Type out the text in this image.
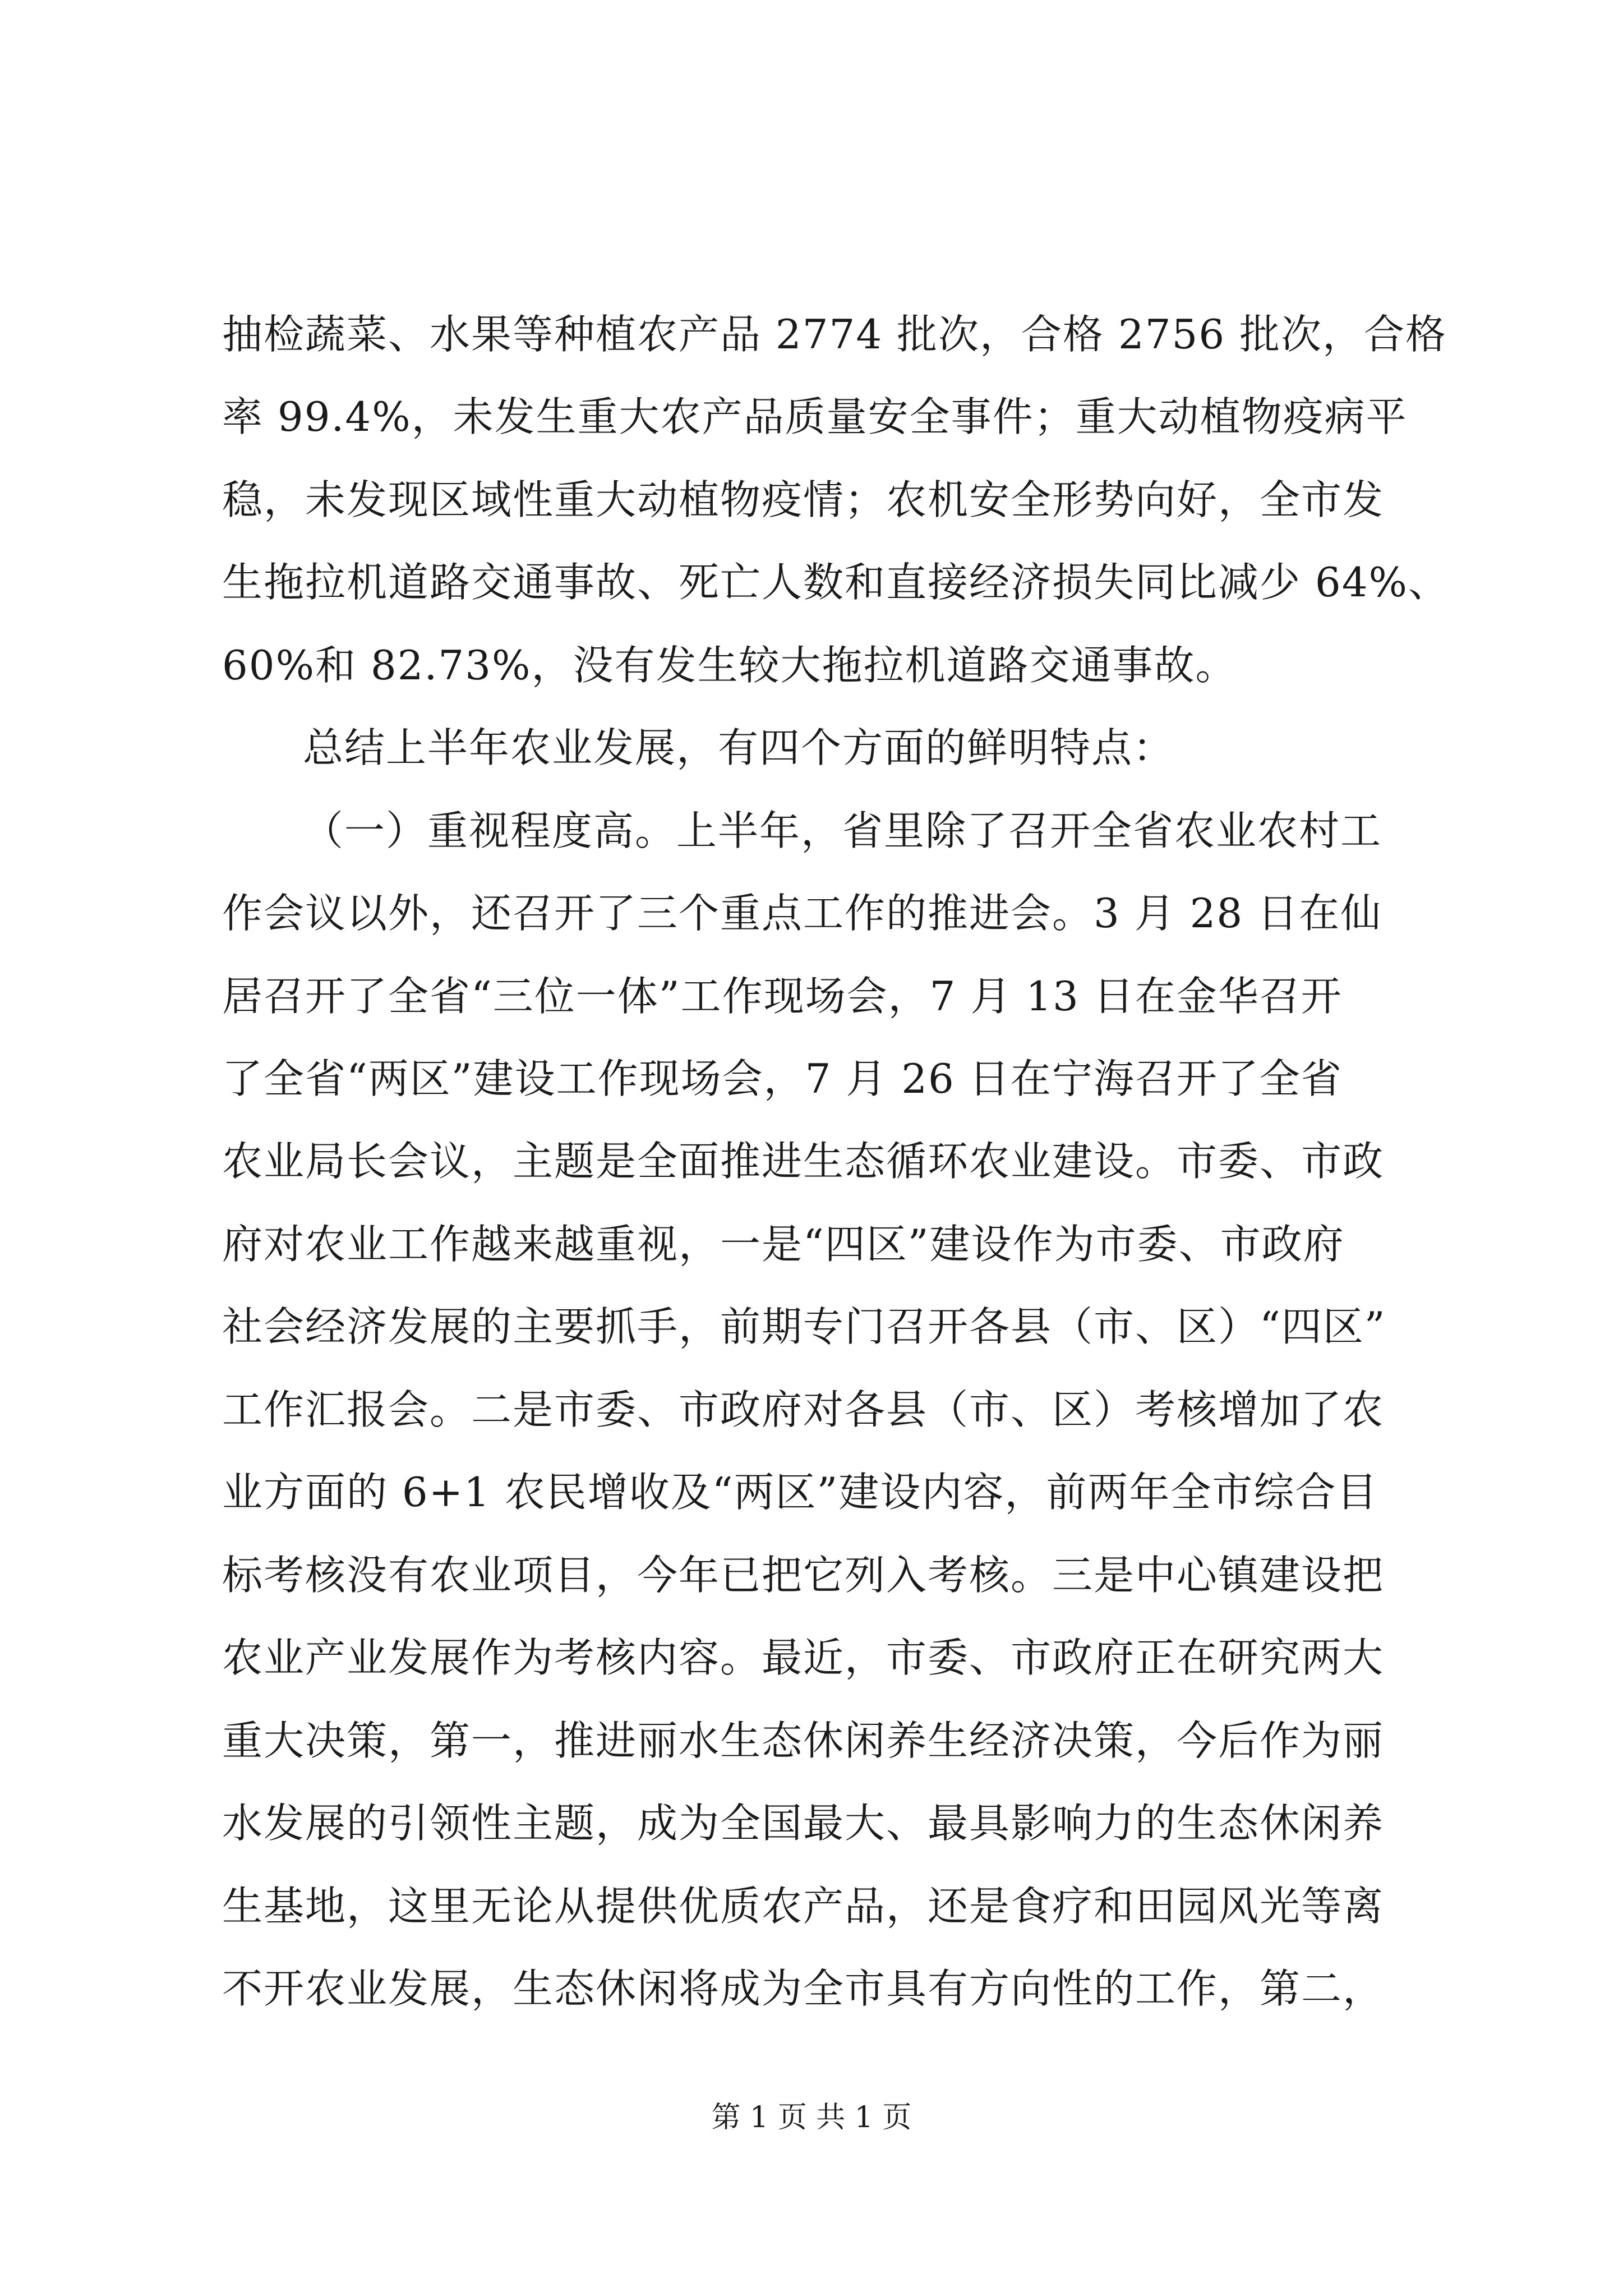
抽检蔬菜、水果等种植农产品 2774 批次，合格 2756 批次，合格
率 99.4%，未发生重大农产品质量安全事件；重大动植物疫病平
稳，未发现区域性重大动植物疫情；农机安全形势向好，全市发
生拖拉机道路交通事故、死亡人数和直接经济损失同比减少 64%、
60%和 82.73%，没有发生较大拖拉机道路交通事故。
总结上半年农业发展，有四个方面的鲜明特点：
（一）重视程度高。上半年，省里除了召开全省农业农村工
作会议以外，还召开了三个重点工作的推进会。3 月 28 日在仙
居召开了全省“三位一体”工作现场会，7 月 13 日在金华召开
了全省“两区”建设工作现场会，7 月 26 日在宁海召开了全省
农业局长会议，主题是全面推进生态循环农业建设。市委、市政
府对农业工作越来越重视，一是“四区”建设作为市委、市政府
社会经济发展的主要抓手，前期专门召开各县（市、区）“四区”
工作汇报会。二是市委、市政府对各县（市、区）考核增加了农
业方面的 6+1 农民增收及“两区”建设内容，前两年全市综合目
标考核没有农业项目，今年已把它列入考核。三是中心镇建设把
农业产业发展作为考核内容。最近，市委、市政府正在研究两大
重大决策，第一，推进丽水生态休闲养生经济决策，今后作为丽
水发展的引领性主题，成为全国最大、最具影响力的生态休闲养
生基地，这里无论从提供优质农产品，还是食疗和田园风光等离
不开农业发展，生态休闲将成为全市具有方向性的工作，第二，
第 1 页 共 1 页
